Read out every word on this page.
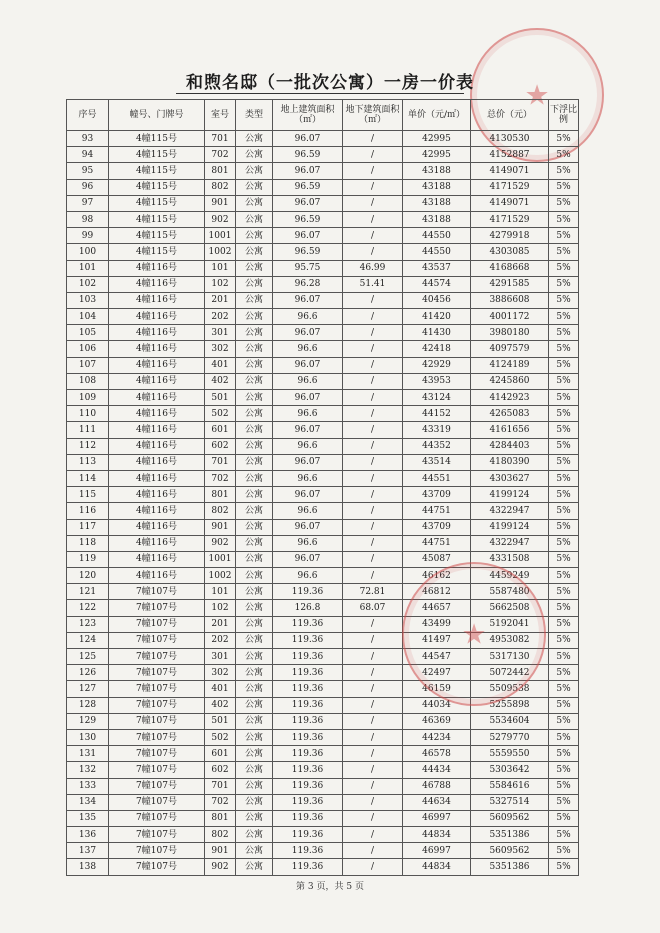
★
和煦名邸（一批次公寓）一房一价表
序号	幢号、门牌号	室号	类型	地上建筑面积（㎡）	地下建筑面积（㎡）	单价（元/㎡）	总价（元）	下浮比例
93	4幢115号	701	公寓	96.07	/	42995	4130530	5%
94	4幢115号	702	公寓	96.59	/	42995	4152887	5%
95	4幢115号	801	公寓	96.07	/	43188	4149071	5%
96	4幢115号	802	公寓	96.59	/	43188	4171529	5%
97	4幢115号	901	公寓	96.07	/	43188	4149071	5%
98	4幢115号	902	公寓	96.59	/	43188	4171529	5%
99	4幢115号	1001	公寓	96.07	/	44550	4279918	5%
100	4幢115号	1002	公寓	96.59	/	44550	4303085	5%
101	4幢116号	101	公寓	95.75	46.99	43537	4168668	5%
102	4幢116号	102	公寓	96.28	51.41	44574	4291585	5%
103	4幢116号	201	公寓	96.07	/	40456	3886608	5%
104	4幢116号	202	公寓	96.6	/	41420	4001172	5%
105	4幢116号	301	公寓	96.07	/	41430	3980180	5%
106	4幢116号	302	公寓	96.6	/	42418	4097579	5%
107	4幢116号	401	公寓	96.07	/	42929	4124189	5%
108	4幢116号	402	公寓	96.6	/	43953	4245860	5%
109	4幢116号	501	公寓	96.07	/	43124	4142923	5%
110	4幢116号	502	公寓	96.6	/	44152	4265083	5%
111	4幢116号	601	公寓	96.07	/	43319	4161656	5%
112	4幢116号	602	公寓	96.6	/	44352	4284403	5%
113	4幢116号	701	公寓	96.07	/	43514	4180390	5%
114	4幢116号	702	公寓	96.6	/	44551	4303627	5%
115	4幢116号	801	公寓	96.07	/	43709	4199124	5%
116	4幢116号	802	公寓	96.6	/	44751	4322947	5%
117	4幢116号	901	公寓	96.07	/	43709	4199124	5%
118	4幢116号	902	公寓	96.6	/	44751	4322947	5%
119	4幢116号	1001	公寓	96.07	/	45087	4331508	5%
120	4幢116号	1002	公寓	96.6	/	46162	4459249	5%
121	7幢107号	101	公寓	119.36	72.81	46812	5587480	5%
122	7幢107号	102	公寓	126.8	68.07	44657	5662508	5%
123	7幢107号	201	公寓	119.36	/	43499	5192041	5%
124	7幢107号	202	公寓	119.36	/	41497	4953082	5%
125	7幢107号	301	公寓	119.36	/	44547	5317130	5%
126	7幢107号	302	公寓	119.36	/	42497	5072442	5%
127	7幢107号	401	公寓	119.36	/	46159	5509538	5%
128	7幢107号	402	公寓	119.36	/	44034	5255898	5%
129	7幢107号	501	公寓	119.36	/	46369	5534604	5%
130	7幢107号	502	公寓	119.36	/	44234	5279770	5%
131	7幢107号	601	公寓	119.36	/	46578	5559550	5%
132	7幢107号	602	公寓	119.36	/	44434	5303642	5%
133	7幢107号	701	公寓	119.36	/	46788	5584616	5%
134	7幢107号	702	公寓	119.36	/	44634	5327514	5%
135	7幢107号	801	公寓	119.36	/	46997	5609562	5%
136	7幢107号	802	公寓	119.36	/	44834	5351386	5%
137	7幢107号	901	公寓	119.36	/	46997	5609562	5%
138	7幢107号	902	公寓	119.36	/	44834	5351386	5%
★
第 3 页，共 5 页
